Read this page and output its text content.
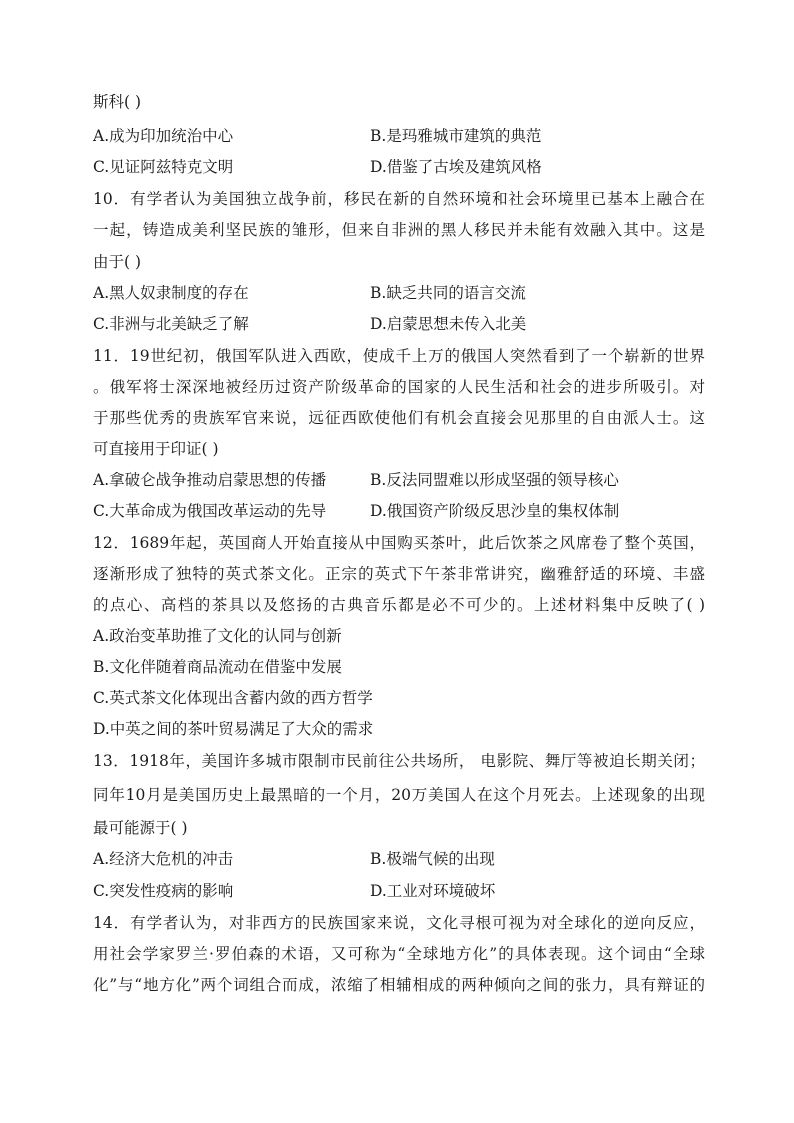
斯科( )
A.成为印加统治中心	B.是玛雅城市建筑的典范
C.见证阿兹特克文明	D.借鉴了古埃及建筑风格
10．有学者认为美国独立战争前，移民在新的自然环境和社会环境里已基本上融合在
一起，铸造成美利坚民族的雏形，但来自非洲的黑人移民并未能有效融入其中。这是
由于( )
A.黑人奴隶制度的存在	B.缺乏共同的语言交流
C.非洲与北美缺乏了解	D.启蒙思想未传入北美
11．19世纪初，俄国军队进入西欧，使成千上万的俄国人突然看到了一个崭新的世界
。俄军将士深深地被经历过资产阶级革命的国家的人民生活和社会的进步所吸引。对
于那些优秀的贵族军官来说，远征西欧使他们有机会直接会见那里的自由派人士。这
可直接用于印证( )
A.拿破仑战争推动启蒙思想的传播	B.反法同盟难以形成坚强的领导核心
C.大革命成为俄国改革运动的先导	D.俄国资产阶级反思沙皇的集权体制
12．1689年起，英国商人开始直接从中国购买茶叶，此后饮茶之风席卷了整个英国，
逐渐形成了独特的英式茶文化。正宗的英式下午茶非常讲究，幽雅舒适的环境、丰盛
的点心、高档的茶具以及悠扬的古典音乐都是必不可少的。上述材料集中反映了( )
A.政治变革助推了文化的认同与创新
B.文化伴随着商品流动在借鉴中发展
C.英式茶文化体现出含蓄内敛的西方哲学
D.中英之间的茶叶贸易满足了大众的需求
13．1918年，美国许多城市限制市民前往公共场所， 电影院、舞厅等被迫长期关闭；
同年10月是美国历史上最黑暗的一个月，20万美国人在这个月死去。上述现象的出现
最可能源于( )
A.经济大危机的冲击	B.极端气候的出现
C.突发性疫病的影响	D.工业对环境破坏
14．有学者认为，对非西方的民族国家来说，文化寻根可视为对全球化的逆向反应，
用社会学家罗兰·罗伯森的术语，又可称为“全球地方化”的具体表现。这个词由“全球
化”与“地方化”两个词组合而成，浓缩了相辅相成的两种倾向之间的张力，具有辩证的
